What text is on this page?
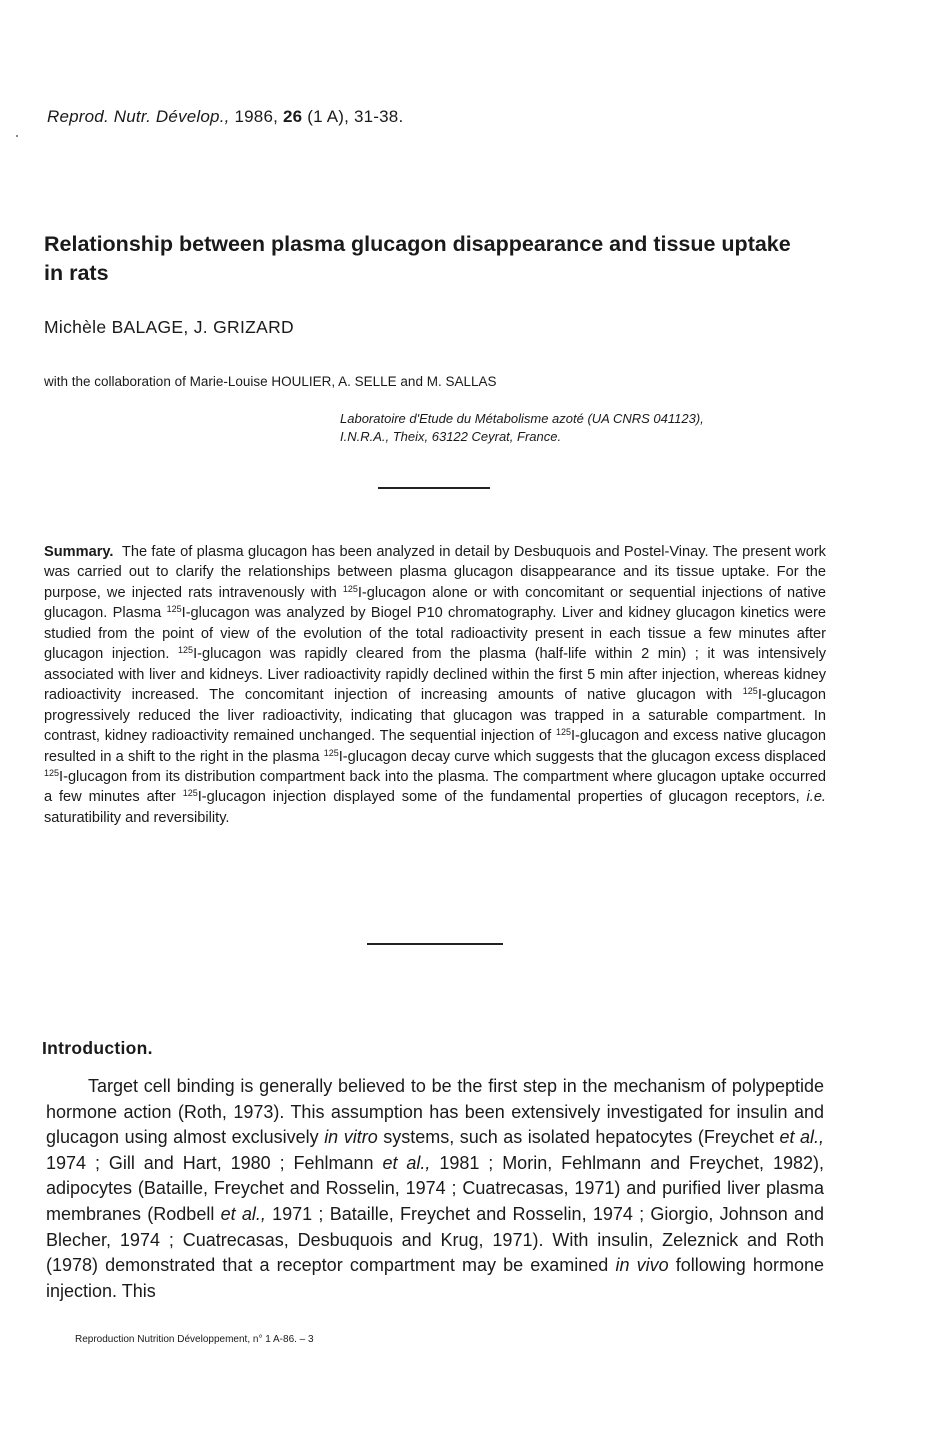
Reprod. Nutr. Dévelop., 1986, 26 (1 A), 31-38.
Relationship between plasma glucagon disappearance and tissue uptake in rats
Michèle BALAGE, J. GRIZARD
with the collaboration of Marie-Louise HOULIER, A. SELLE and M. SALLAS
Laboratoire d'Etude du Métabolisme azoté (UA CNRS 041123),
I.N.R.A., Theix, 63122 Ceyrat, France.
Summary. The fate of plasma glucagon has been analyzed in detail by Desbuquois and Postel-Vinay. The present work was carried out to clarify the relationships between plasma glucagon disappearance and its tissue uptake. For the purpose, we injected rats intravenously with $^{125}$I-glucagon alone or with concomitant or sequential injections of native glucagon. Plasma $^{125}$I-glucagon was analyzed by Biogel P10 chromatography. Liver and kidney glucagon kinetics were studied from the point of view of the evolution of the total radioactivity present in each tissue a few minutes after glucagon injection. $^{125}$I-glucagon was rapidly cleared from the plasma (half-life within 2 min) ; it was intensively associated with liver and kidneys. Liver radioactivity rapidly declined within the first 5 min after injection, whereas kidney radioactivity increased. The concomitant injection of increasing amounts of native glucagon with $^{125}$I-glucagon progressively reduced the liver radioactivity, indicating that glucagon was trapped in a saturable compartment. In contrast, kidney radioactivity remained unchanged. The sequential injection of $^{125}$I-glucagon and excess native glucagon resulted in a shift to the right in the plasma $^{125}$I-glucagon decay curve which suggests that the glucagon excess displaced $^{125}$I-glucagon from its distribution compartment back into the plasma. The compartment where glucagon uptake occurred a few minutes after $^{125}$I-glucagon injection displayed some of the fundamental properties of glucagon receptors, i.e. saturatibility and reversibility.
Introduction.
Target cell binding is generally believed to be the first step in the mechanism of polypeptide hormone action (Roth, 1973). This assumption has been extensively investigated for insulin and glucagon using almost exclusively in vitro systems, such as isolated hepatocytes (Freychet et al., 1974 ; Gill and Hart, 1980 ; Fehlmann et al., 1981 ; Morin, Fehlmann and Freychet, 1982), adipocytes (Bataille, Freychet and Rosselin, 1974 ; Cuatrecasas, 1971) and purified liver plasma membranes (Rodbell et al., 1971 ; Bataille, Freychet and Rosselin, 1974 ; Giorgio, Johnson and Blecher, 1974 ; Cuatrecasas, Desbuquois and Krug, 1971). With insulin, Zeleznick and Roth (1978) demonstrated that a receptor compartment may be examined in vivo following hormone injection. This
Reproduction Nutrition Développement, n° 1 A-86. – 3
